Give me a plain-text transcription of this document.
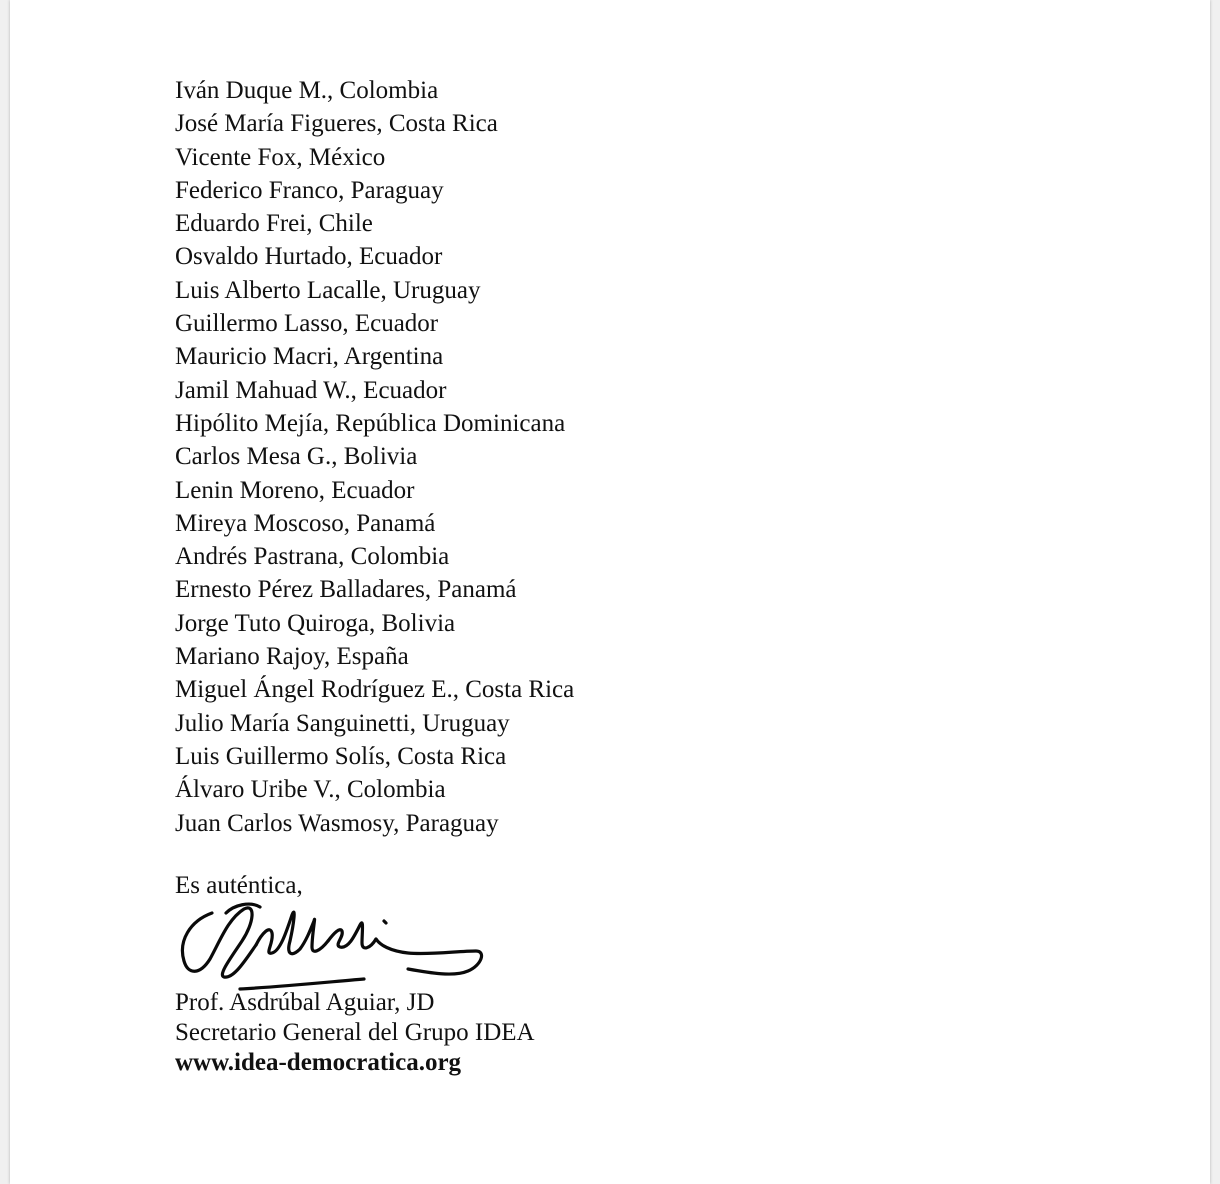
Iván Duque M., Colombia
José María Figueres, Costa Rica
Vicente Fox, México
Federico Franco, Paraguay
Eduardo Frei, Chile
Osvaldo Hurtado, Ecuador
Luis Alberto Lacalle, Uruguay
Guillermo Lasso, Ecuador
Mauricio Macri, Argentina
Jamil Mahuad W., Ecuador
Hipólito Mejía, República Dominicana
Carlos Mesa G., Bolivia
Lenin Moreno, Ecuador
Mireya Moscoso, Panamá
Andrés Pastrana, Colombia
Ernesto Pérez Balladares, Panamá
Jorge Tuto Quiroga, Bolivia
Mariano Rajoy, España
Miguel Ángel Rodríguez E., Costa Rica
Julio María Sanguinetti, Uruguay
Luis Guillermo Solís, Costa Rica
Álvaro Uribe V., Colombia
Juan Carlos Wasmosy, Paraguay
Es auténtica,
Prof. Asdrúbal Aguiar, JD
Secretario General del Grupo IDEA
www.idea-democratica.org
